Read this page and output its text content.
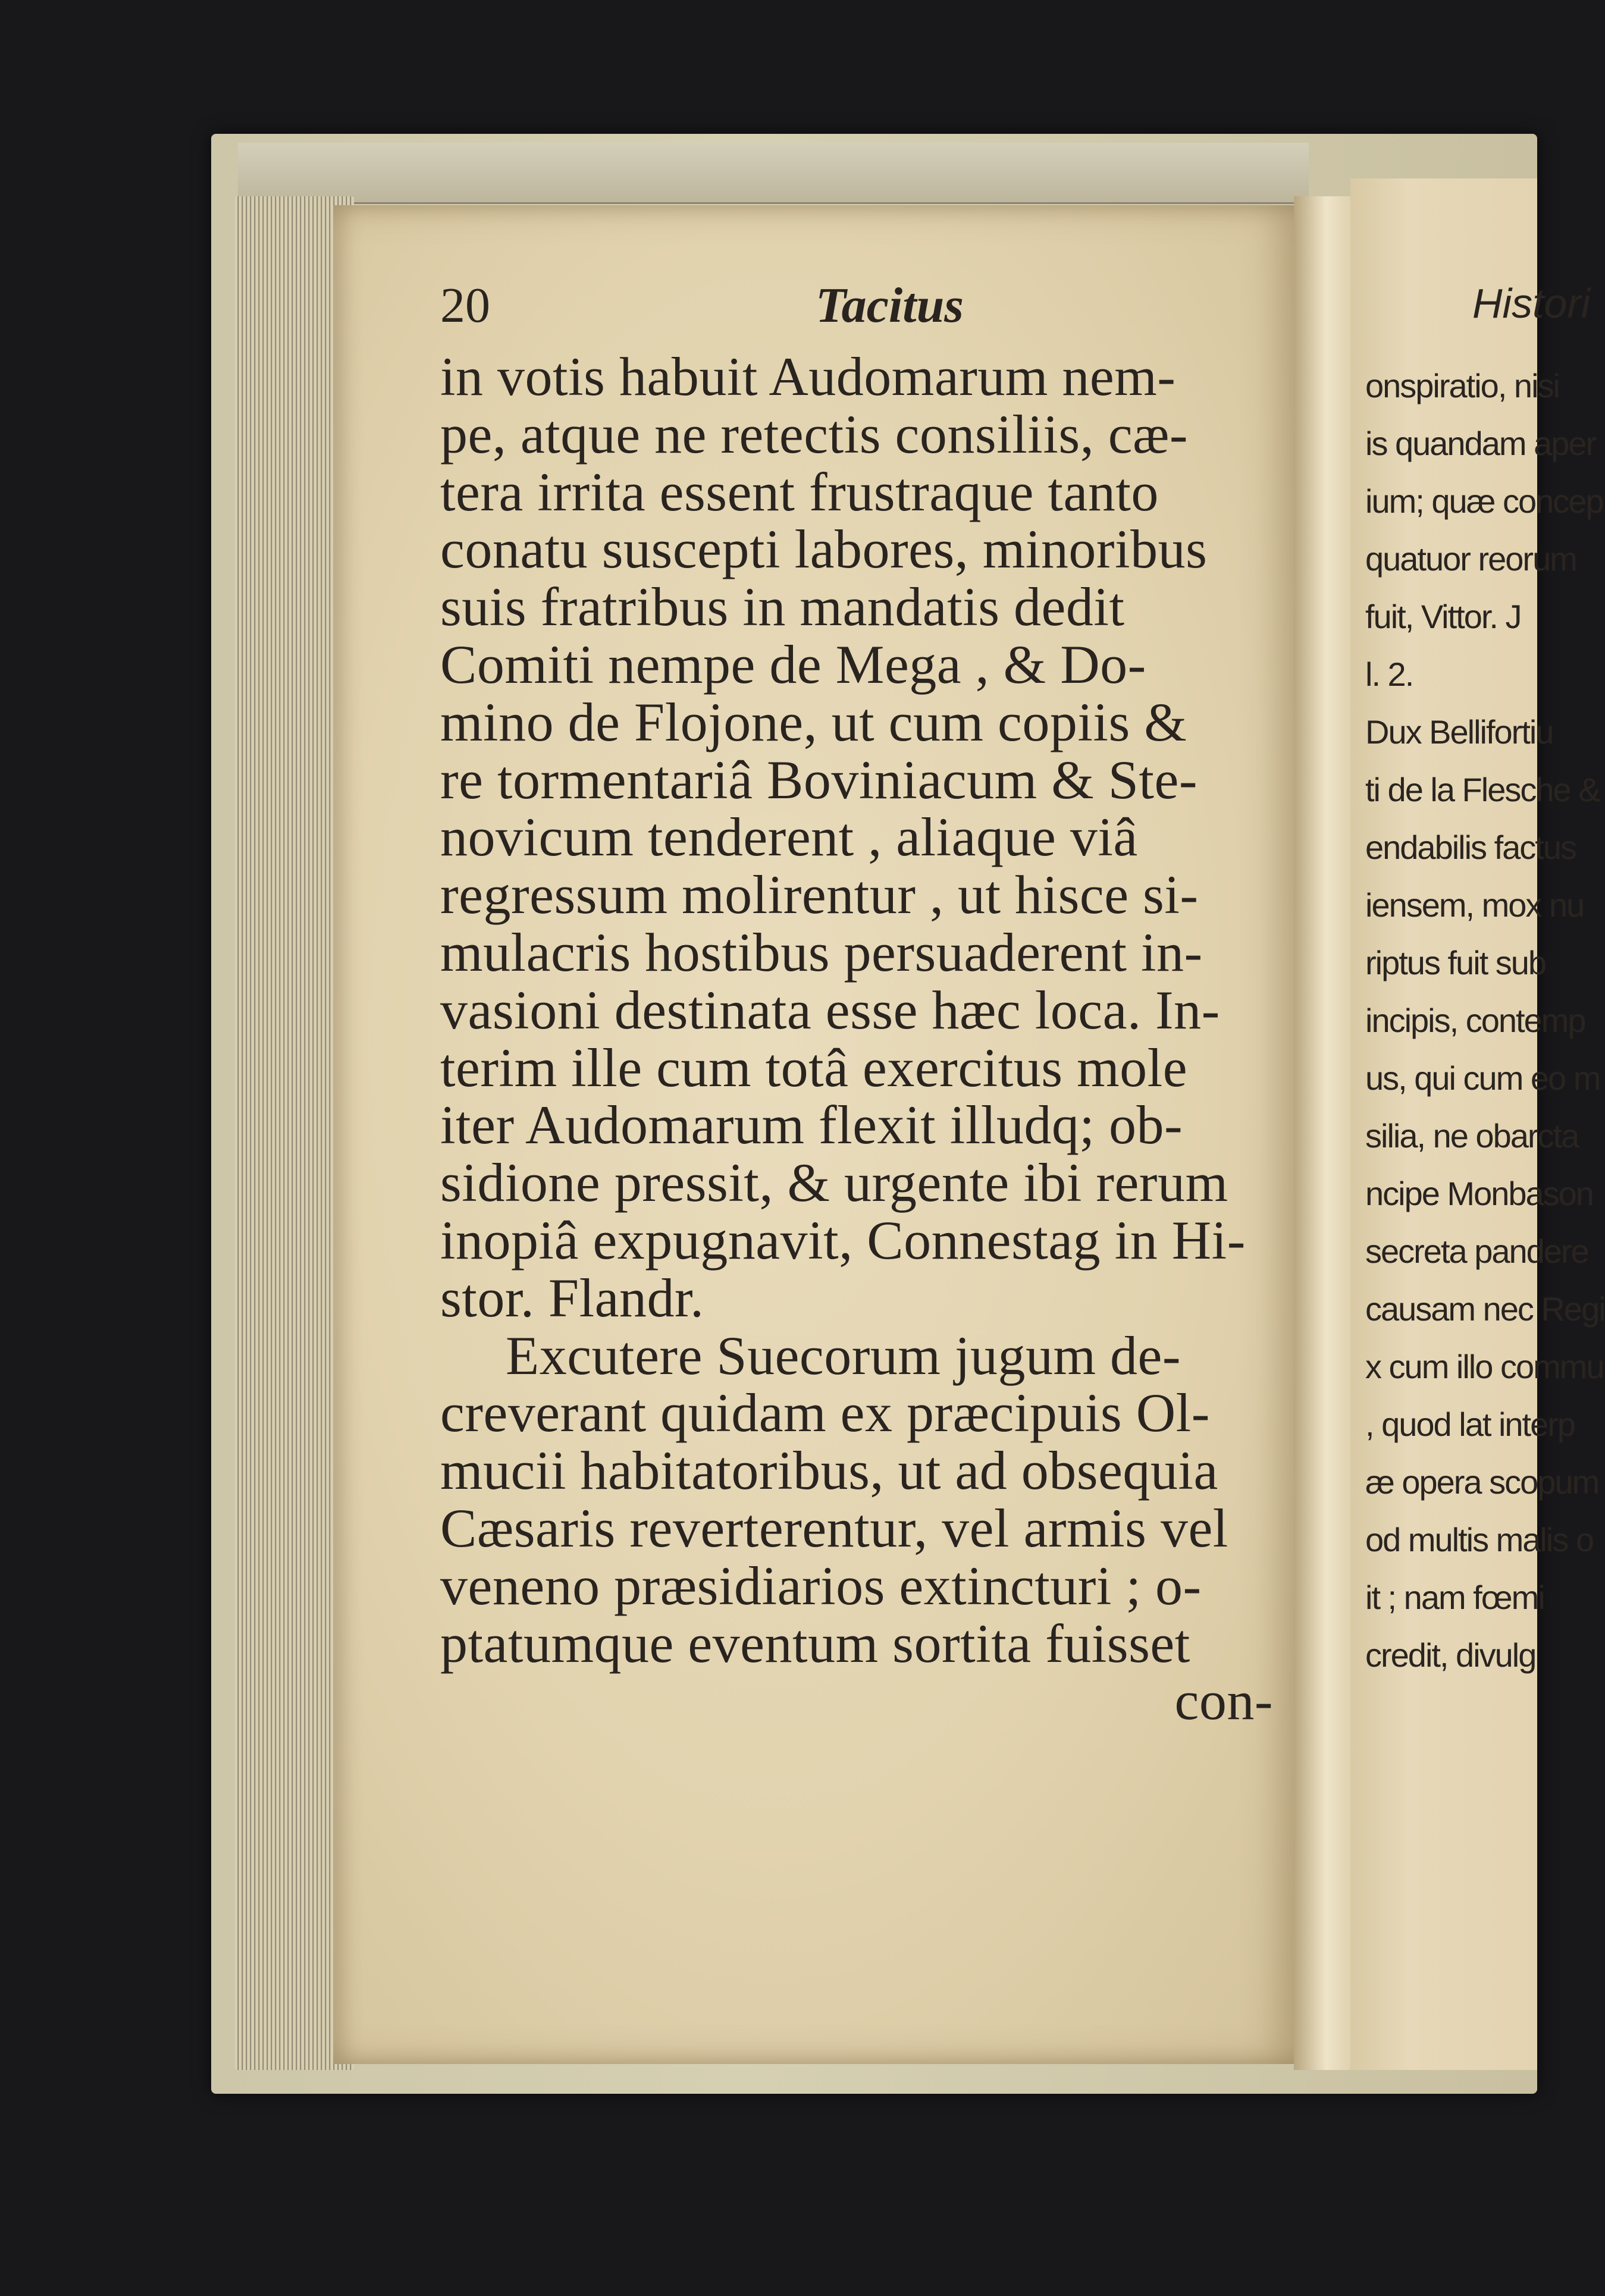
20	Tacitus
in votis habuit Audomarum nem-
pe, atque ne retectis consiliis, cæ-
tera irrita essent frustraque tanto
conatu suscepti labores, minoribus
suis fratribus in mandatis dedit
Comiti nempe de Mega , & Do-
mino de Flojone, ut cum copiis &
re tormentariâ Boviniacum & Ste-
novicum tenderent , aliaque viâ
regressum molirentur , ut hisce si-
mulacris hostibus persuaderent in-
vasioni destinata esse hæc loca. In-
terim ille cum totâ exercitus mole
iter Audomarum flexit illudq; ob-
sidione pressit, & urgente ibi rerum
inopiâ expugnavit, Connestag in Hi-
stor. Flandr.
Excutere Suecorum jugum de-
creverant quidam ex præcipuis Ol-
mucii habitatoribus, ut ad obsequia
Cæsaris reverterentur, vel armis vel
veneno præsidiarios extincturi ; o-
ptatumque eventum sortita fuisset
con-
Histori
onspiratio, nisi
is quandam aper
ium; quæ concep
quatuor reorum
fuit, Vittor. J
l. 2.
Dux Bellifortiu
ti de la Flesche &
endabilis factus
iensem, mox nu
riptus fuit sub
incipis, contemp
us, qui cum eo m
silia, ne obarcta
ncipe Monbason
secreta pandere
causam nec Regi
x cum illo commu
, quod lat interp
æ opera scopum
od multis malis o
it ; nam fœmi
credit, divulg
